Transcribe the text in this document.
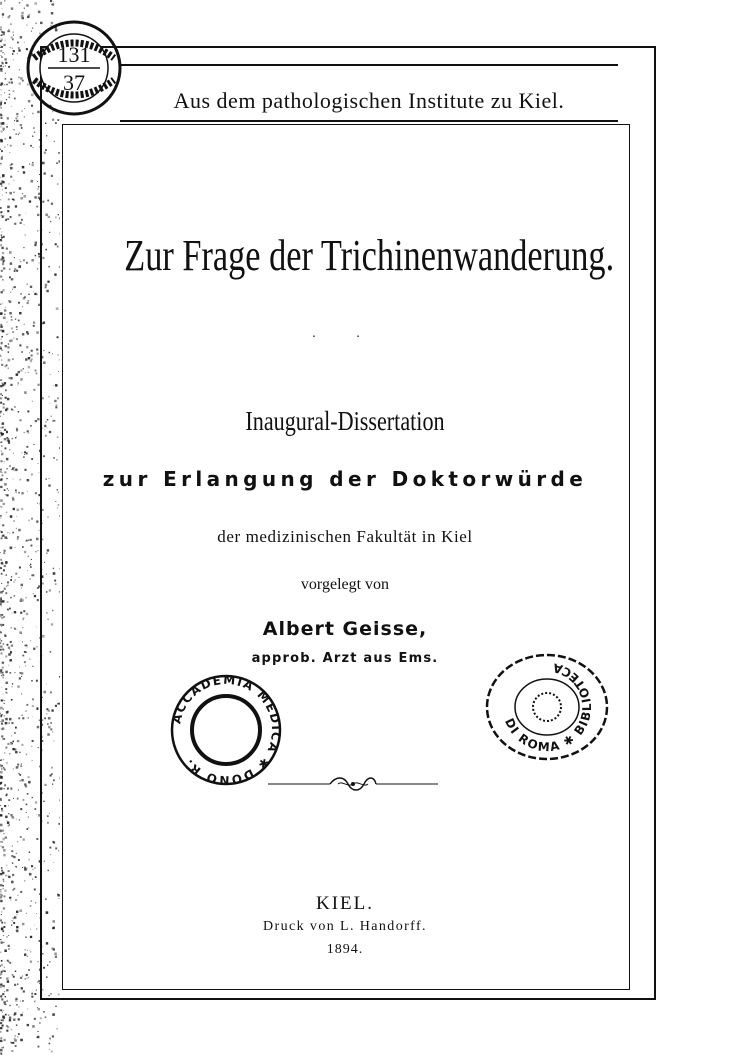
Aus dem pathologischen Institute zu Kiel.
Zur Frage der Trichinenwanderung.
· ·
Inaugural-Dissertation
zur Erlangung der Doktorwürde
der medizinischen Fakultät in Kiel
vorgelegt von
Albert Geisse,
approb. Arzt aus Ems.
KIEL.
Druck von L. Handorff.
1894.
131
37
ACCADEMIA MEDICA ✱ DONO R.
DI ROMA ✱ BIBLIOTECA
